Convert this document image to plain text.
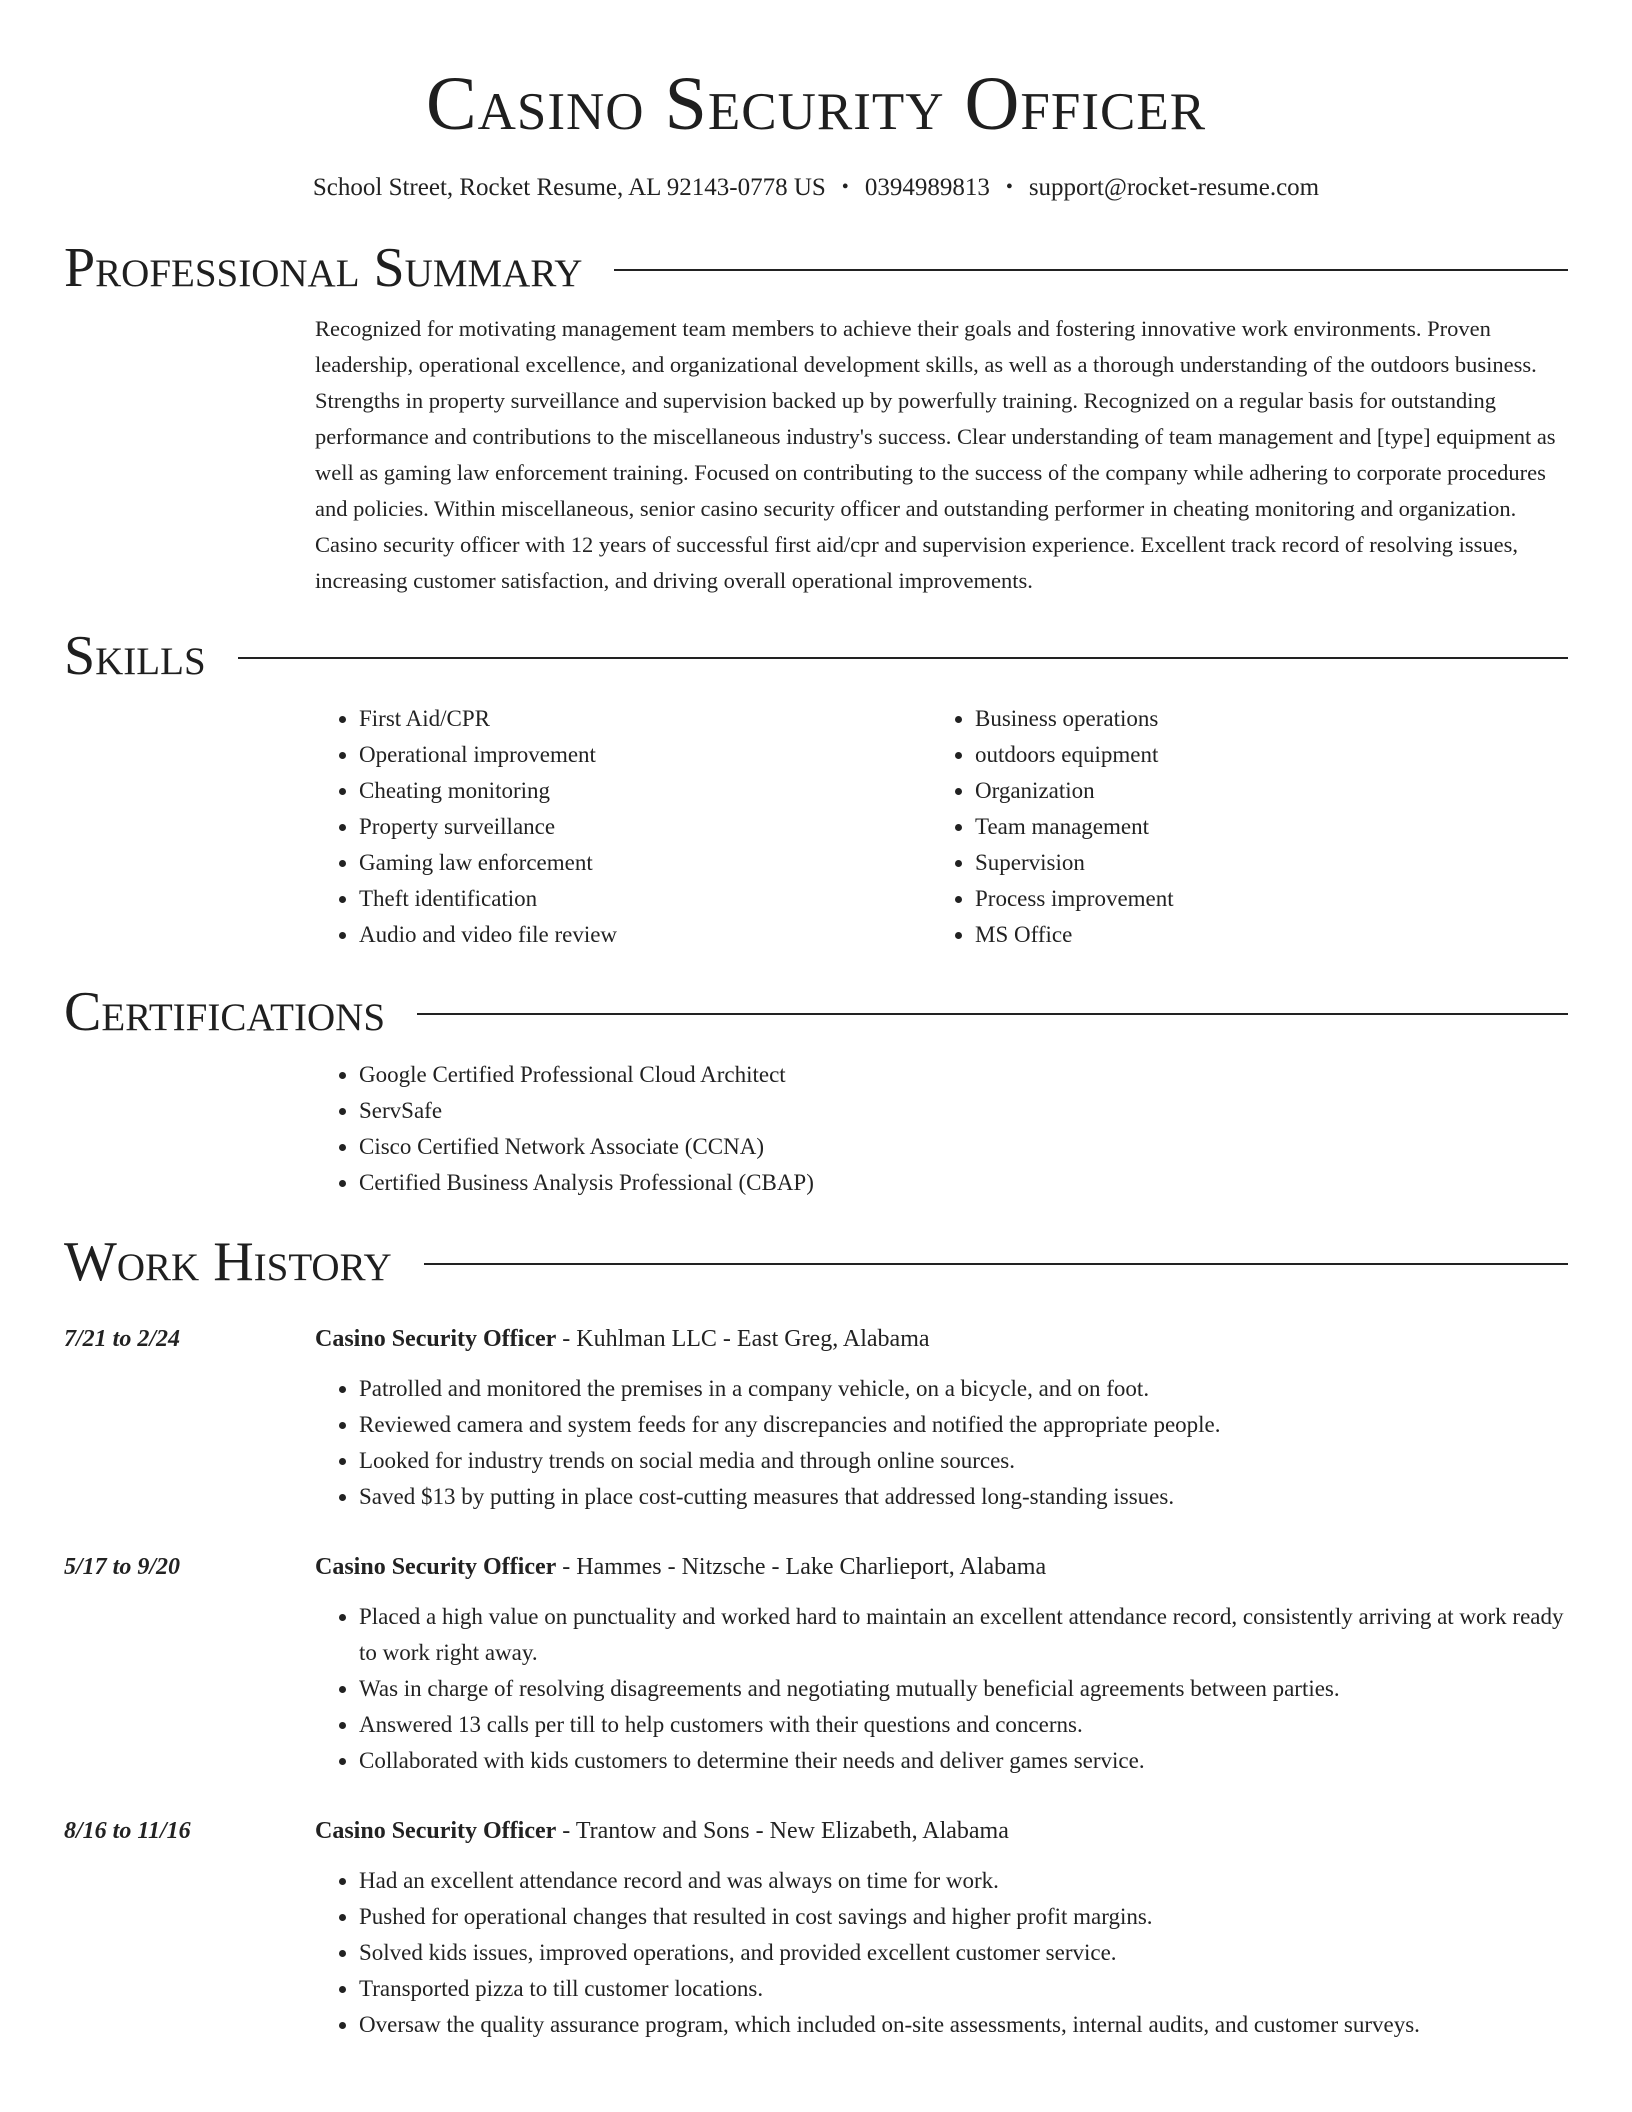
Casino Security Officer
School Street, Rocket Resume, AL 92143-0778 US • 0394989813 • support@rocket-resume.com
Professional Summary
Recognized for motivating management team members to achieve their goals and fostering innovative work environments. Proven leadership, operational excellence, and organizational development skills, as well as a thorough understanding of the outdoors business. Strengths in property surveillance and supervision backed up by powerfully training. Recognized on a regular basis for outstanding performance and contributions to the miscellaneous industry's success. Clear understanding of team management and [type] equipment as well as gaming law enforcement training. Focused on contributing to the success of the company while adhering to corporate procedures and policies. Within miscellaneous, senior casino security officer and outstanding performer in cheating monitoring and organization. Casino security officer with 12 years of successful first aid/cpr and supervision experience. Excellent track record of resolving issues, increasing customer satisfaction, and driving overall operational improvements.
Skills
• First Aid/CPR
• Operational improvement
• Cheating monitoring
• Property surveillance
• Gaming law enforcement
• Theft identification
• Audio and video file review
• Business operations
• outdoors equipment
• Organization
• Team management
• Supervision
• Process improvement
• MS Office
Certifications
• Google Certified Professional Cloud Architect
• ServSafe
• Cisco Certified Network Associate (CCNA)
• Certified Business Analysis Professional (CBAP)
Work History
7/21 to 2/24	Casino Security Officer - Kuhlman LLC - East Greg, Alabama
• Patrolled and monitored the premises in a company vehicle, on a bicycle, and on foot.
• Reviewed camera and system feeds for any discrepancies and notified the appropriate people.
• Looked for industry trends on social media and through online sources.
• Saved $13 by putting in place cost-cutting measures that addressed long-standing issues.
5/17 to 9/20	Casino Security Officer - Hammes - Nitzsche - Lake Charlieport, Alabama
• Placed a high value on punctuality and worked hard to maintain an excellent attendance record, consistently arriving at work ready to work right away.
• Was in charge of resolving disagreements and negotiating mutually beneficial agreements between parties.
• Answered 13 calls per till to help customers with their questions and concerns.
• Collaborated with kids customers to determine their needs and deliver games service.
8/16 to 11/16	Casino Security Officer - Trantow and Sons - New Elizabeth, Alabama
• Had an excellent attendance record and was always on time for work.
• Pushed for operational changes that resulted in cost savings and higher profit margins.
• Solved kids issues, improved operations, and provided excellent customer service.
• Transported pizza to till customer locations.
• Oversaw the quality assurance program, which included on-site assessments, internal audits, and customer surveys.
